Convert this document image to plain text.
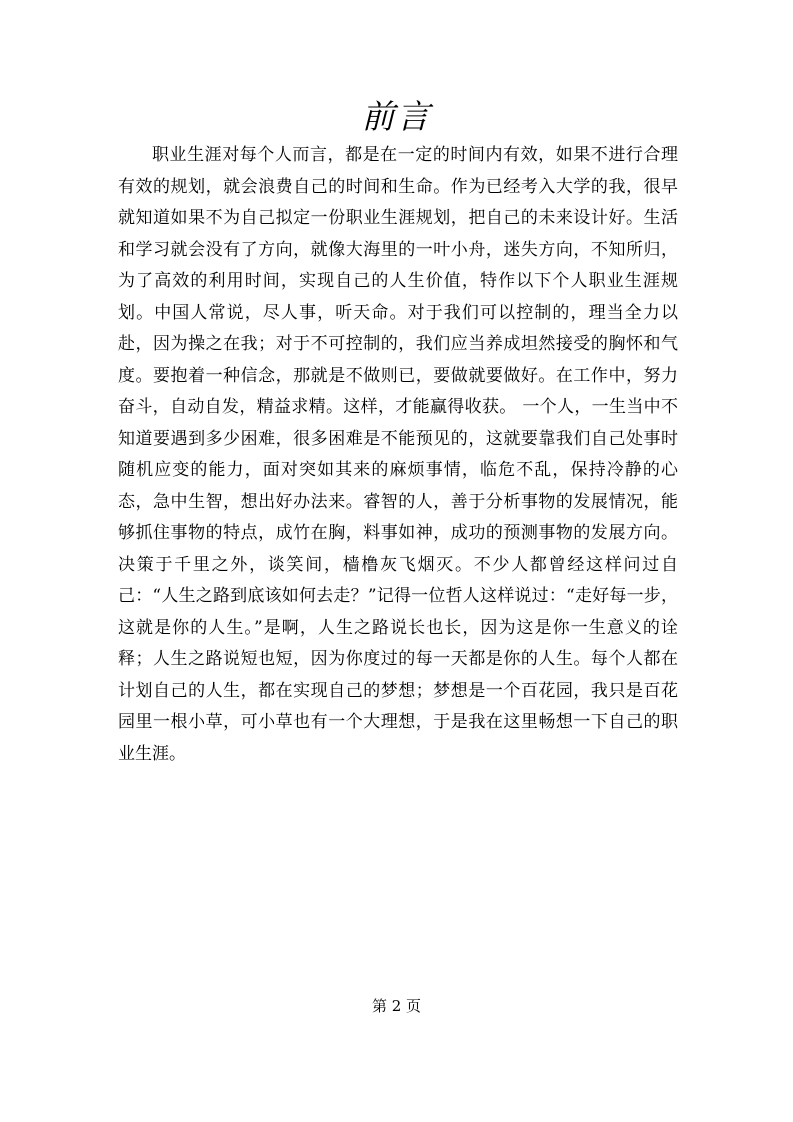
前言

职业生涯对每个人而言，都是在一定的时间内有效，如果不进行合理有效的规划，就会浪费自己的时间和生命。作为已经考入大学的我，很早就知道如果不为自己拟定一份职业生涯规划，把自己的未来设计好。生活和学习就会没有了方向，就像大海里的一叶小舟，迷失方向，不知所归，为了高效的利用时间，实现自己的人生价值，特作以下个人职业生涯规划。中国人常说，尽人事，听天命。对于我们可以控制的，理当全力以赴，因为操之在我；对于不可控制的，我们应当养成坦然接受的胸怀和气度。要抱着一种信念，那就是不做则已，要做就要做好。在工作中，努力奋斗，自动自发，精益求精。这样，才能赢得收获。 一个人，一生当中不知道要遇到多少困难，很多困难是不能预见的，这就要靠我们自己处事时随机应变的能力，面对突如其来的麻烦事情，临危不乱，保持冷静的心态，急中生智，想出好办法来。睿智的人，善于分析事物的发展情况，能够抓住事物的特点，成竹在胸，料事如神，成功的预测事物的发展方向。决策于千里之外，谈笑间，樯橹灰飞烟灭。不少人都曾经这样问过自己：“人生之路到底该如何去走？”记得一位哲人这样说过：“走好每一步，这就是你的人生。”是啊，人生之路说长也长，因为这是你一生意义的诠释；人生之路说短也短，因为你度过的每一天都是你的人生。每个人都在计划自己的人生，都在实现自己的梦想；梦想是一个百花园，我只是百花园里一根小草，可小草也有一个大理想，于是我在这里畅想一下自己的职业生涯。

第 2 页
